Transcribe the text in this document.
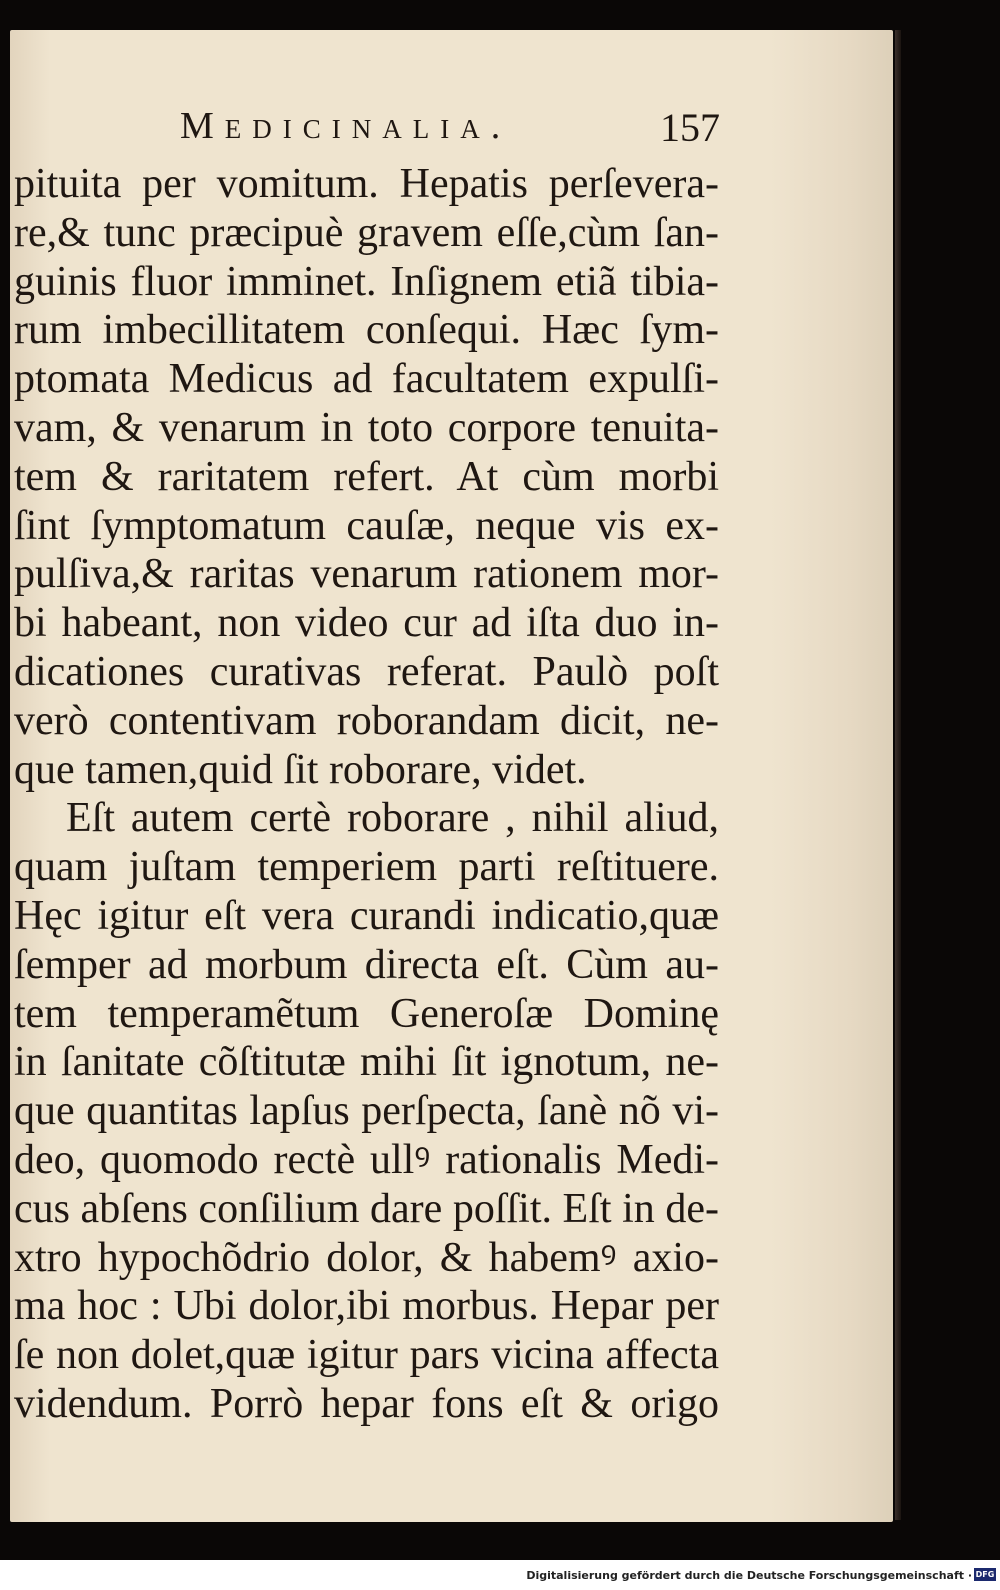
Medicinalia.	157
pituita per vomitum. Hepatis perſevera-
re,& tunc præcipuè gravem eſſe,cùm ſan-
guinis fluor imminet. Inſignem etiã tibia-
rum imbecillitatem conſequi. Hæc ſym-
ptomata Medicus ad facultatem expulſi-
vam, & venarum in toto corpore tenuita-
tem & raritatem refert. At cùm morbi
ſint ſymptomatum cauſæ, neque vis ex-
pulſiva,& raritas venarum rationem mor-
bi habeant, non video cur ad iſta duo in-
dicationes curativas referat. Paulò poſt
verò contentivam roborandam dicit, ne-
que tamen,quid ſit roborare, videt.
Eſt autem certè roborare , nihil aliud,
quam juſtam temperiem parti reſtituere.
Hęc igitur eſt vera curandi indicatio,quæ
ſemper ad morbum directa eſt. Cùm au-
tem temperamẽtum Generoſæ Dominę
in ſanitate cõſtitutæ mihi ſit ignotum, ne-
que quantitas lapſus perſpecta, ſanè nõ vi-
deo, quomodo rectè ullꝰ rationalis Medi-
cus abſens conſilium dare poſſit. Eſt in de-
xtro hypochõdrio dolor, & habemꝰ axio-
ma hoc : Ubi dolor,ibi morbus. Hepar per
ſe non dolet,quæ igitur pars vicina affecta
videndum. Porrò hepar fons eſt & origo
Digitalisierung gefördert durch die Deutsche Forschungsgemeinschaft · DFG
